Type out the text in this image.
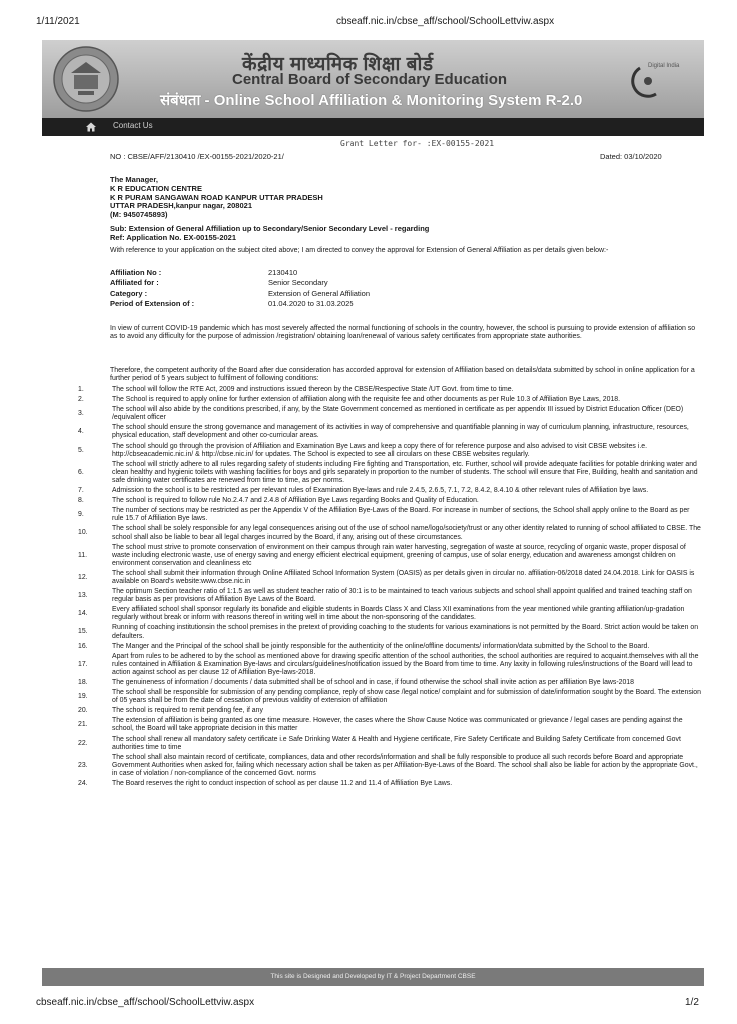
1/11/2021	cbseaff.nic.in/cbse_aff/school/SchoolLettviw.aspx
केंद्रीय माध्यमिक शिक्षा बोर्ड
Central Board of Secondary Education
संबंधता - Online School Affiliation & Monitoring System R-2.0
Digital India
Contact Us
This site is Designed and Developed by IT & Project Department CBSE
Grant Letter for- :EX-00155-2021
NO : CBSE/AFF/2130410 /EX-00155-2021/2020-21/	Dated: 03/10/2020
The Manager,
K R EDUCATION CENTRE
K R PURAM SANGAWAN ROAD KANPUR UTTAR PRADESH
UTTAR PRADESH,kanpur nagar, 208021
(M: 9450745893)
Sub: Extension of General Affiliation up to Secondary/Senior Secondary Level - regarding
Ref: Application No. EX-00155-2021
With reference to your application on the subject cited above; I am directed to convey the approval for Extension of General Affiliation as per details given below:-
Affiliation No :	2130410
Affiliated for :	Senior Secondary
Category :	Extension of General Affiliation
Period of Extension of :	01.04.2020 to 31.03.2025
In view of current COVID-19 pandemic which has most severely affected the normal functioning of schools in the country, however, the school is pursuing to provide extension of affiliation so as to avoid any difficulty for the purpose of admission /registration/ obtaining loan/renewal of various safety certificates from appropriate state authorities.
Therefore, the competent authority of the Board after due consideration has accorded approval for extension of Affiliation based on details/data submitted by school in online application for a further period of 5 years subject to fulfilment of following conditions:
1.	The school will follow the RTE Act, 2009 and instructions issued thereon by the CBSE/Respective State /UT Govt. from time to time.
2.	The School is required to apply online for further extension of affiliation along with the requisite fee and other documents as per Rule 10.3 of Affiliation Bye Laws, 2018.
3.	The school will also abide by the conditions prescribed, if any, by the State Government concerned as mentioned in certificate as per appendix III issued by District Education Officer (DEO) /equivalent officer
4.	The school should ensure the strong governance and management of its activities in way of comprehensive and quantifiable planning in way of curriculum planning, infrastructure, resources, physical education, staff development and other co-curricular areas.
5.	The school should go through the provision of Affiliation and Examination Bye Laws and keep a copy there of for reference purpose and also advised to visit CBSE websites i.e. http://cbseacademic.nic.in/ & http://cbse.nic.in/ for updates. The School is expected to see all circulars on these CBSE websites regularly.
6.	The school will strictly adhere to all rules regarding safety of students including Fire fighting and Transportation, etc. Further, school will provide adequate facilities for potable drinking water and clean healthy and hygienic toilets with washing facilities for boys and girls separately in proportion to the number of students. The school will ensure that Fire, Building, health and sanitation and safe drinking water certificates are renewed from time to time, as per norms.
7.	Admission to the school is to be restricted as per relevant rules of Examination Bye-laws and rule 2.4.5, 2.6.5, 7.1, 7.2, 8.4.2, 8.4.10 & other relevant rules of Affiliation bye laws.
8.	The school is required to follow rule No.2.4.7 and 2.4.8 of Affiliation Bye Laws regarding Books and Quality of Education.
9.	The number of sections may be restricted as per the Appendix V of the Affiliation Bye-Laws of the Board. For increase in number of sections, the School shall apply online to the Board as per rule 15.7 of Affiliation Bye laws.
10.	The school shall be solely responsible for any legal consequences arising out of the use of school name/logo/society/trust or any other identity related to running of school affiliated to CBSE. The school shall also be liable to bear all legal charges incurred by the Board, if any, arising out of these circumstances.
11.	The school must strive to promote conservation of environment on their campus through rain water harvesting, segregation of waste at source, recycling of organic waste, proper disposal of waste including electronic waste, use of energy saving and energy efficient electrical equipment, greening of campus, use of solar energy, education and awareness amongst children on environment conservation and cleanliness etc
12.	The school shall submit their information through Online Affiliated School Information System (OASIS) as per details given in circular no. affiliation-06/2018 dated 24.04.2018. Link for OASIS is available on Board's website:www.cbse.nic.in
13.	The optimum Section teacher ratio of 1:1.5 as well as student teacher ratio of 30:1 is to be maintained to teach various subjects and school shall appoint qualified and trained teaching staff on regular basis as per provisions of Affiliation Bye Laws of the Board.
14.	Every affiliated school shall sponsor regularly its bonafide and eligible students in Boards Class X and Class XII examinations from the year mentioned while granting affiliation/up-gradation regularly without break or inform with reasons thereof in writing well in time about the non-sponsoring of the candidates.
15.	Running of coaching institutionsin the school premises in the pretext of providing coaching to the students for various examinations is not permitted by the Board. Strict action would be taken on defaulters.
16.	The Manger and the Principal of the school shall be jointly responsible for the authenticity of the online/offline documents/ information/data submitted by the School to the Board.
17.	Apart from rules to be adhered to by the school as mentioned above for drawing specific attention of the school authorities, the school authorities are required to acquaint.themselves with all the rules contained in Affiliation & Examination Bye-laws and circulars/guidelines/notification issued by the Board from time to time. Any laxity in following rules/instructions of the Board will lead to action against school as per clause 12 of Affiliation Bye-laws-2018.
18.	The genuineness of information / documents / data submitted shall be of school and in case, if found otherwise the school shall invite action as per affiliation Bye laws-2018
19.	The school shall be responsible for submission of any pending compliance, reply of show case /legal notice/ complaint and for submission of date/information sought by the Board. The extension of 05 years shall be from the date of cessation of previous validity of extension of affiliation
20.	The school is required to remit pending fee, if any
21.	The extension of affiliation is being granted as one time measure. However, the cases where the Show Cause Notice was communicated or grievance / legal cases are pending against the school, the Board will take appropriate decision in this matter
22.	The school shall renew all mandatory safety certificate i.e Safe Drinking Water & Health and Hygiene certificate, Fire Safety Certificate and Building Safety Certificate from concerned Govt authorities time to time
23.	The school shall also maintain record of certificate, compliances, data and other records/information and shall be fully responsible to produce all such records before Board and appropriate Government Authorities when asked for, failing which necessary action shall be taken as per Affiliation-Bye-Laws of the Board. The school shall also be liable for action by the appropriate Govt., in case of violation / non-compliance of the concerned Govt. norms
24.	The Board reserves the right to conduct inspection of school as per clause 11.2 and 11.4 of Affiliation Bye Laws.
cbseaff.nic.in/cbse_aff/school/SchoolLettviw.aspx	1/2
